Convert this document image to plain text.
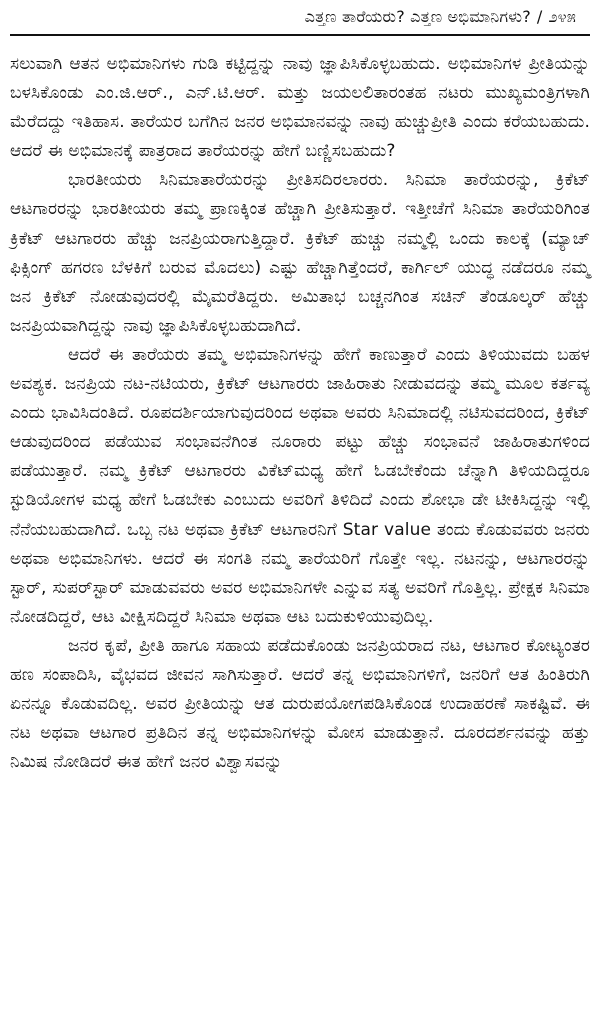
ಎತ್ತಣ ತಾರೆಯರು? ಎತ್ತಣ ಅಭಿಮಾನಿಗಳು? / ೨೪೫

ಸಲುವಾಗಿ ಆತನ ಅಭಿಮಾನಿಗಳು ಗುಡಿ ಕಟ್ಟಿದ್ದನ್ನು ನಾವು ಜ್ಞಾಪಿಸಿಕೊಳ್ಳಬಹುದು. ಅಭಿಮಾನಿಗಳ ಪ್ರೀತಿಯನ್ನು ಬಳಸಿಕೊಂಡು ಎಂ.ಜಿ.ಆರ್., ಎನ್.ಟಿ.ಆರ್. ಮತ್ತು ಜಯಲಲಿತಾರಂತಹ ನಟರು ಮುಖ್ಯಮಂತ್ರಿಗಳಾಗಿ ಮೆರೆದದ್ದು ಇತಿಹಾಸ. ತಾರೆಯರ ಬಗೆಗಿನ ಜನರ ಅಭಿಮಾನವನ್ನು ನಾವು ಹುಚ್ಚುಪ್ರೀತಿ ಎಂದು ಕರೆಯಬಹುದು. ಆದರೆ ಈ ಅಭಿಮಾನಕ್ಕೆ ಪಾತ್ರರಾದ ತಾರೆಯರನ್ನು ಹೇಗೆ ಬಣ್ಣಿಸಬಹುದು?

ಭಾರತೀಯರು ಸಿನಿಮಾತಾರೆಯರನ್ನು ಪ್ರೀತಿಸದಿರಲಾರರು. ಸಿನಿಮಾ ತಾರೆಯರನ್ನು, ಕ್ರಿಕೆಟ್ ಆಟಗಾರರನ್ನು ಭಾರತೀಯರು ತಮ್ಮ ಪ್ರಾಣಕ್ಕಿಂತ ಹೆಚ್ಚಾಗಿ ಪ್ರೀತಿಸುತ್ತಾರೆ. ಇತ್ತೀಚೆಗೆ ಸಿನಿಮಾ ತಾರೆಯರಿಗಿಂತ ಕ್ರಿಕೆಟ್ ಆಟಗಾರರು ಹೆಚ್ಚು ಜನಪ್ರಿಯರಾಗುತ್ತಿದ್ದಾರೆ. ಕ್ರಿಕೆಟ್ ಹುಚ್ಚು ನಮ್ಮಲ್ಲಿ ಒಂದು ಕಾಲಕ್ಕೆ (ಮ್ಯಾಚ್ ಫಿಕ್ಸಿಂಗ್ ಹಗರಣ ಬೆಳಕಿಗೆ ಬರುವ ಮೊದಲು) ಎಷ್ಟು ಹೆಚ್ಚಾಗಿತ್ತೆಂದರೆ, ಕಾರ್ಗಿಲ್ ಯುದ್ಧ ನಡೆದರೂ ನಮ್ಮ ಜನ ಕ್ರಿಕೆಟ್ ನೋಡುವುದರಲ್ಲಿ ಮೈಮರೆತಿದ್ದರು. ಅಮಿತಾಭ ಬಚ್ಚನಗಿಂತ ಸಚಿನ್ ತೆಂಡೂಲ್ಕರ್ ಹೆಚ್ಚು ಜನಪ್ರಿಯವಾಗಿದ್ದನ್ನು ನಾವು ಜ್ಞಾಪಿಸಿಕೊಳ್ಳಬಹುದಾಗಿದೆ.

ಆದರೆ ಈ ತಾರೆಯರು ತಮ್ಮ ಅಭಿಮಾನಿಗಳನ್ನು ಹೇಗೆ ಕಾಣುತ್ತಾರೆ ಎಂದು ತಿಳಿಯುವದು ಬಹಳ ಅವಶ್ಯಕ. ಜನಪ್ರಿಯ ನಟ-ನಟಿಯರು, ಕ್ರಿಕೆಟ್ ಆಟಗಾರರು ಜಾಹಿರಾತು ನೀಡುವದನ್ನು ತಮ್ಮ ಮೂಲ ಕರ್ತವ್ಯ ಎಂದು ಭಾವಿಸಿದಂತಿದೆ. ರೂಪದರ್ಶಿಯಾಗುವುದರಿಂದ ಅಥವಾ ಅವರು ಸಿನಿಮಾದಲ್ಲಿ ನಟಿಸುವದರಿಂದ, ಕ್ರಿಕೆಟ್ ಆಡುವುದರಿಂದ ಪಡೆಯುವ ಸಂಭಾವನೆಗಿಂತ ನೂರಾರು ಪಟ್ಟು ಹೆಚ್ಚು ಸಂಭಾವನೆ ಜಾಹಿರಾತುಗಳಿಂದ ಪಡೆಯುತ್ತಾರೆ. ನಮ್ಮ ಕ್ರಿಕೆಟ್ ಆಟಗಾರರು ವಿಕೆಟ್‌ಮಧ್ಯ ಹೇಗೆ ಓಡಬೇಕೆಂದು ಚೆನ್ನಾಗಿ ತಿಳಿಯದಿದ್ದರೂ ಸ್ಟುಡಿಯೋಗಳ ಮಧ್ಯ ಹೇಗೆ ಓಡಬೇಕು ಎಂಬುದು ಅವರಿಗೆ ತಿಳಿದಿದೆ ಎಂದು ಶೋಭಾ ಡೇ ಟೀಕಿಸಿದ್ದನ್ನು ಇಲ್ಲಿ ನೆನೆಯಬಹುದಾಗಿದೆ. ಒಬ್ಬ ನಟ ಅಥವಾ ಕ್ರಿಕೆಟ್ ಆಟಗಾರನಿಗೆ Star value ತಂದು ಕೊಡುವವರು ಜನರು ಅಥವಾ ಅಭಿಮಾನಿಗಳು. ಆದರೆ ಈ ಸಂಗತಿ ನಮ್ಮ ತಾರೆಯರಿಗೆ ಗೊತ್ತೇ ಇಲ್ಲ. ನಟನನ್ನು, ಆಟಗಾರರನ್ನು ಸ್ಟಾರ್, ಸುಪರ್‌ಸ್ಟಾರ್ ಮಾಡುವವರು ಅವರ ಅಭಿಮಾನಿಗಳೇ ಎನ್ನುವ ಸತ್ಯ ಅವರಿಗೆ ಗೊತ್ತಿಲ್ಲ. ಪ್ರೇಕ್ಷಕ ಸಿನಿಮಾ ನೋಡದಿದ್ದರೆ, ಆಟ ವೀಕ್ಷಿಸದಿದ್ದರೆ ಸಿನಿಮಾ ಅಥವಾ ಆಟ ಬದುಕುಳಿಯುವುದಿಲ್ಲ.

ಜನರ ಕೃಪೆ, ಪ್ರೀತಿ ಹಾಗೂ ಸಹಾಯ ಪಡೆದುಕೊಂಡು ಜನಪ್ರಿಯರಾದ ನಟ, ಆಟಗಾರ ಕೋಟ್ಯಂತರ ಹಣ ಸಂಪಾದಿಸಿ, ವೈಭವದ ಜೀವನ ಸಾಗಿಸುತ್ತಾರೆ. ಆದರೆ ತನ್ನ ಅಭಿಮಾನಿಗಳಿಗೆ, ಜನರಿಗೆ ಆತ ಹಿಂತಿರುಗಿ ಏನನ್ನೂ ಕೊಡುವದಿಲ್ಲ. ಅವರ ಪ್ರೀತಿಯನ್ನು ಆತ ದುರುಪಯೋಗಪಡಿಸಿಕೊಂಡ ಉದಾಹರಣೆ ಸಾಕಷ್ಟಿವೆ. ಈ ನಟ ಅಥವಾ ಆಟಗಾರ ಪ್ರತಿದಿನ ತನ್ನ ಅಭಿಮಾನಿಗಳನ್ನು ಮೋಸ ಮಾಡುತ್ತಾನೆ. ದೂರದರ್ಶನವನ್ನು ಹತ್ತು ನಿಮಿಷ ನೋಡಿದರೆ ಈತ ಹೇಗೆ ಜನರ ವಿಶ್ವಾಸವನ್ನು
